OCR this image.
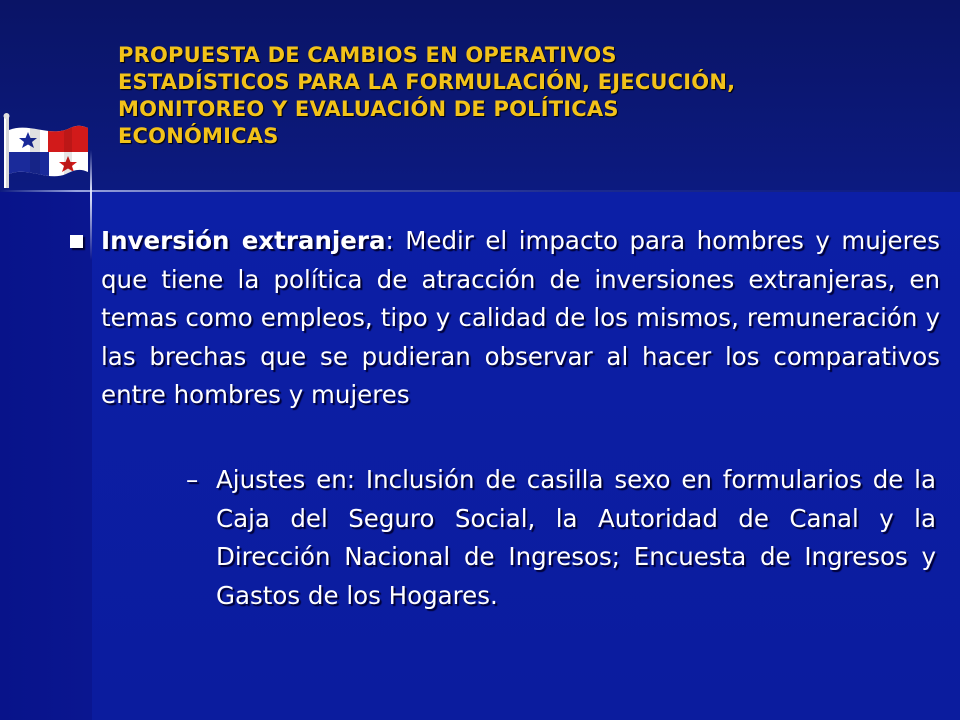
PROPUESTA DE CAMBIOS EN OPERATIVOS
ESTADÍSTICOS PARA LA FORMULACIÓN, EJECUCIÓN,
MONITOREO Y EVALUACIÓN DE POLÍTICAS
ECONÓMICAS
Inversión extranjera: Medir el impacto para hombres y mujeres que tiene la política de atracción de inversiones extranjeras, en temas como empleos, tipo y calidad de los mismos, remuneración y las brechas que se pudieran observar al hacer los comparativos entre hombres y mujeres
– Ajustes en: Inclusión de casilla sexo en formularios de la Caja del Seguro Social, la Autoridad de Canal y la Dirección Nacional de Ingresos; Encuesta de Ingresos y Gastos de los Hogares.
